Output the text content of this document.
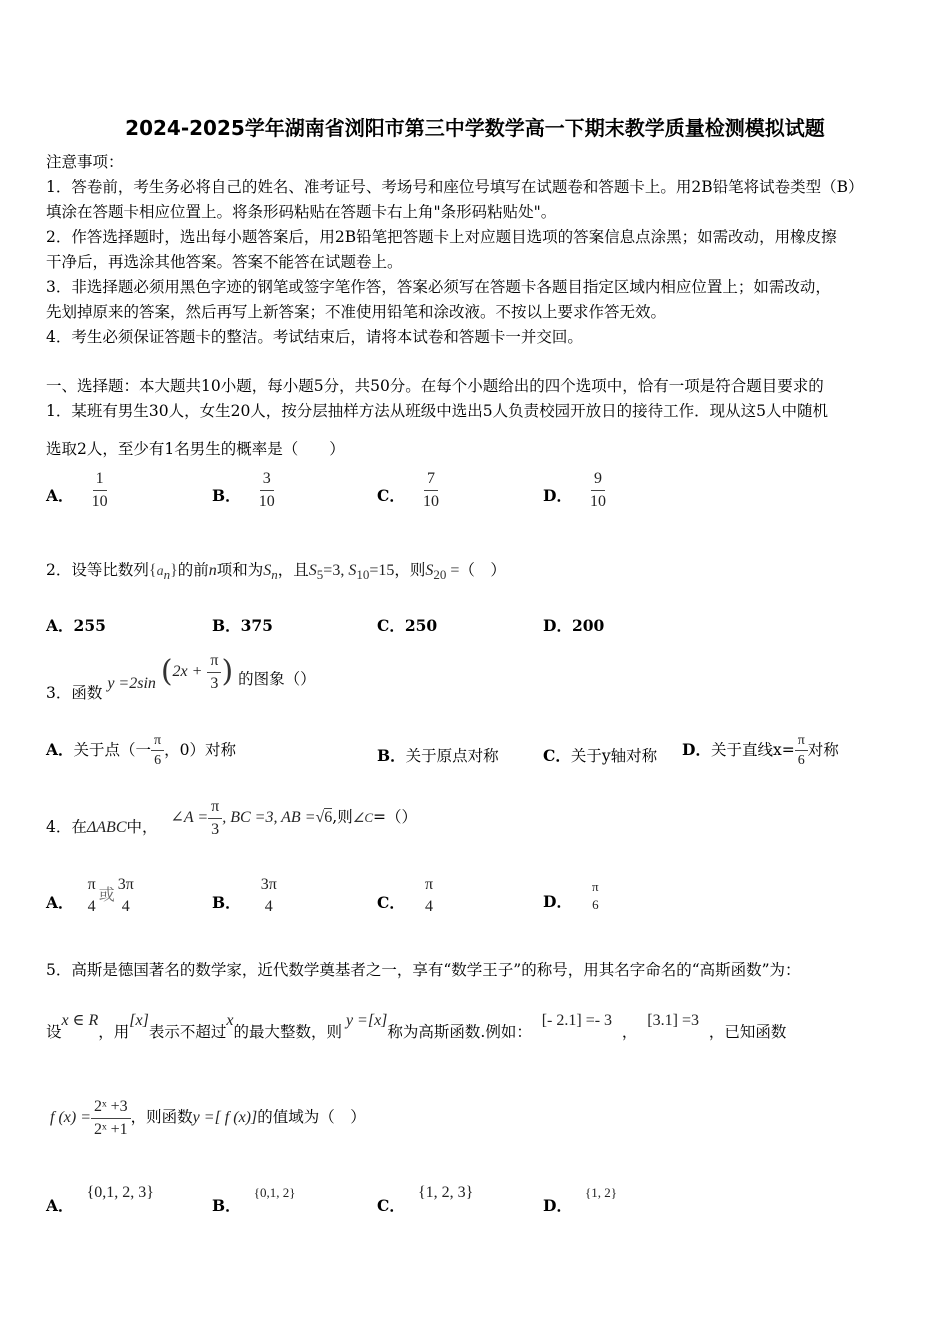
2024-2025学年湖南省浏阳市第三中学数学高一下期末教学质量检测模拟试题
注意事项：
1．答卷前，考生务必将自己的姓名、准考证号、考场号和座位号填写在试题卷和答题卡上。用2B铅笔将试卷类型（B）
填涂在答题卡相应位置上。将条形码粘贴在答题卡右上角"条形码粘贴处"。
2．作答选择题时，选出每小题答案后，用2B铅笔把答题卡上对应题目选项的答案信息点涂黑；如需改动，用橡皮擦
干净后，再选涂其他答案。答案不能答在试题卷上。
3．非选择题必须用黑色字迹的钢笔或签字笔作答，答案必须写在答题卡各题目指定区域内相应位置上；如需改动，
先划掉原来的答案，然后再写上新答案；不准使用铅笔和涂改液。不按以上要求作答无效。
4．考生必须保证答题卡的整洁。考试结束后，请将本试卷和答题卡一并交回。
一、选择题：本大题共10小题，每小题5分，共50分。在每个小题给出的四个选项中，恰有一项是符合题目要求的
1．某班有男生30人，女生20人，按分层抽样方法从班级中选出5人负责校园开放日的接待工作．现从这5人中随机
选取2人，至少有1名男生的概率是（　　）
A． $\frac{1}{10}$	B． $\frac{3}{10}$	C． $\frac{7}{10}$	D． $\frac{9}{10}$
2．设等比数列$\{a_n\}$的前n项和为$S_n$，且$S_5=3$, $S_{10}=15$，则$S_{20}$ =（　）
A．255	B．375	C．250	D．200
3．函数 y =2sin ($2x + \frac{\pi}{3}$ ) 的图象（）
A．关于点（一 $\frac{\pi}{6}$ ，0）对称	B．关于原点对称	C．关于y轴对称 D．关于直线$x= \frac{\pi}{6}$ 对称
4．在ΔABC中， ∠A = $\frac{\pi}{3}$ , BC =3, AB =√6,则∠C=（）
A．
π
4
或
3π
4	B．
3π
4	C．
π
4	D．
π
6
5．高斯是德国著名的数学家，近代数学奠基者之一，享有“数学王子”的称号，用其名字命名的“高斯函数”为：
设x ∈ R，用[x]表示不超过x的最大整数，则y =[x]称为高斯函数.例如：  [- 2.1] =- 3  ，  [3.1] =3  ，已知函数
f $(x) = \frac{\text{2ˣ +3}}{\text{2ˣ +1}}$ ，则函数y =[ f (x)]的值域为（　）
A． {0,1, 2, 3}
B． {0,1, 2}
C． {1, 2, 3}
D． {1, 2}
